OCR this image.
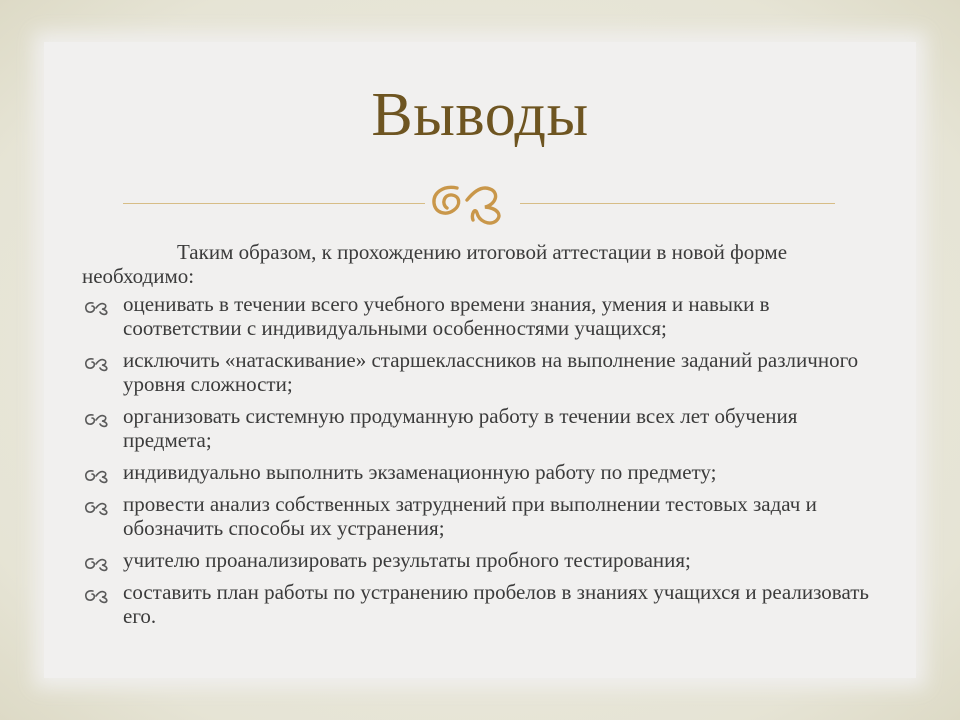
Выводы

Таким образом, к прохождению итоговой аттестации в новой форме необходимо:

оценивать в течении всего учебного времени знания, умения и навыки в соответствии с индивидуальными особенностями учащихся;
исключить «натаскивание» старшеклассников на выполнение заданий различного уровня сложности;
организовать системную продуманную работу в течении всех лет обучения предмета;
индивидуально выполнить экзаменационную работу по предмету;
провести анализ собственных затруднений при выполнении тестовых задач и обозначить способы их устранения;
учителю проанализировать результаты пробного тестирования;
составить план работы по устранению пробелов в знаниях учащихся и реализовать его.
